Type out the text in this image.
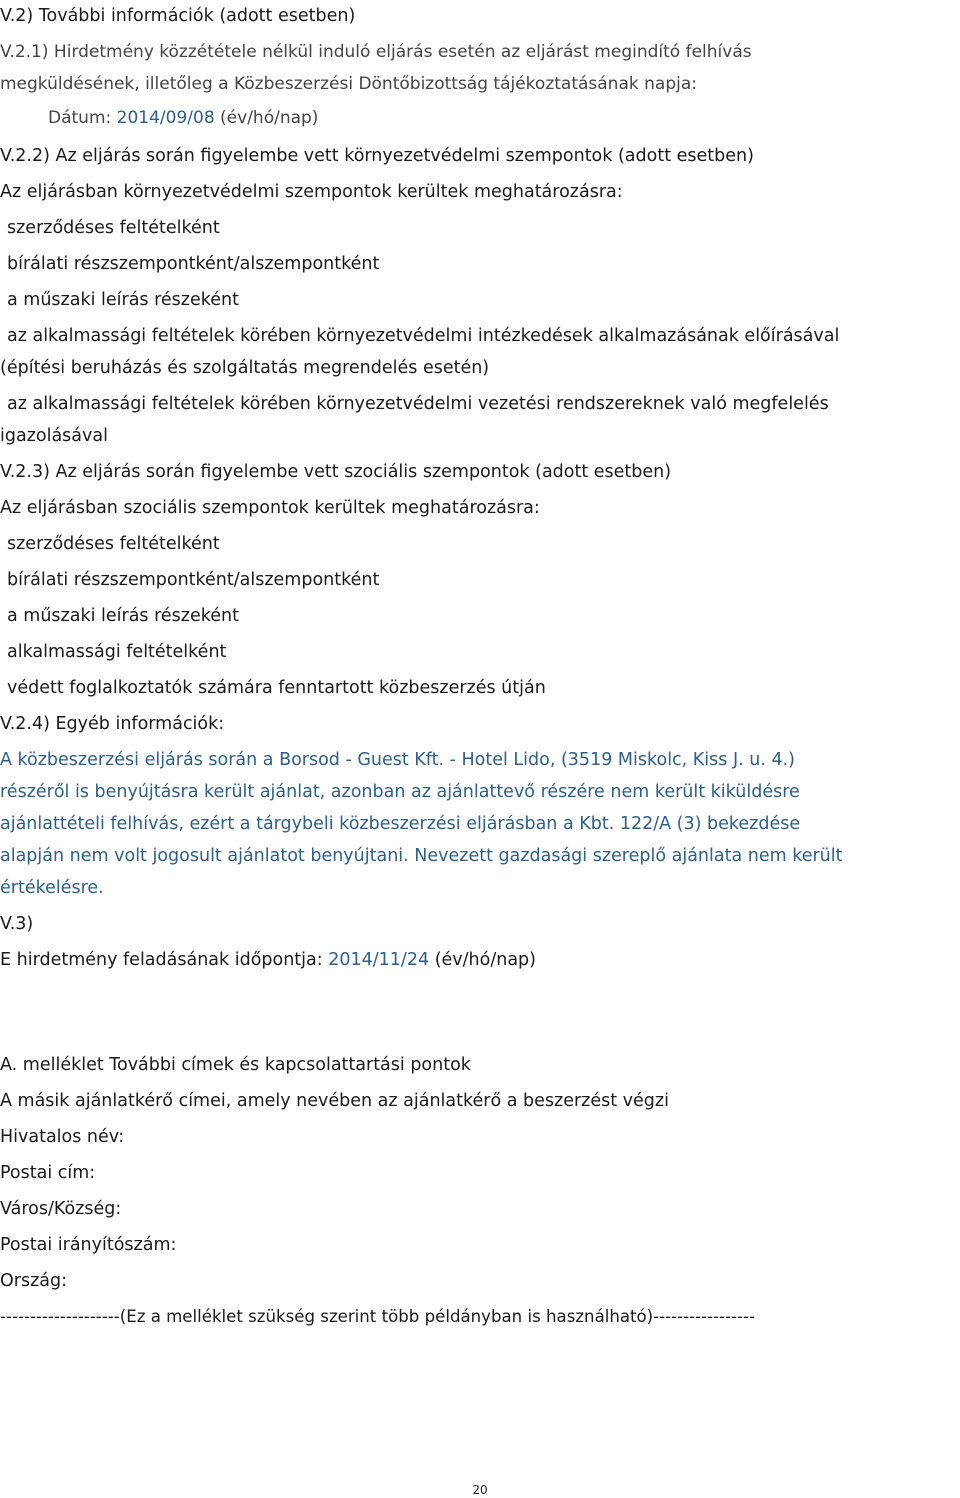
V.2) További információk (adott esetben)
V.2.1) Hirdetmény közzététele nélkül induló eljárás esetén az eljárást megindító felhívás
megküldésének, illetőleg a Közbeszerzési Döntőbizottság tájékoztatásának napja:
Dátum: 2014/09/08 (év/hó/nap)
V.2.2) Az eljárás során figyelembe vett környezetvédelmi szempontok (adott esetben)
Az eljárásban környezetvédelmi szempontok kerültek meghatározásra:
szerződéses feltételként
bírálati részszempontként/alszempontként
a műszaki leírás részeként
az alkalmassági feltételek körében környezetvédelmi intézkedések alkalmazásának előírásával
(építési beruházás és szolgáltatás megrendelés esetén)
az alkalmassági feltételek körében környezetvédelmi vezetési rendszereknek való megfelelés
igazolásával
V.2.3) Az eljárás során figyelembe vett szociális szempontok (adott esetben)
Az eljárásban szociális szempontok kerültek meghatározásra:
szerződéses feltételként
bírálati részszempontként/alszempontként
a műszaki leírás részeként
alkalmassági feltételként
védett foglalkoztatók számára fenntartott közbeszerzés útján
V.2.4) Egyéb információk:
A közbeszerzési eljárás során a Borsod - Guest Kft. - Hotel Lido, (3519 Miskolc, Kiss J. u. 4.)
részéről is benyújtásra került ajánlat, azonban az ajánlattevő részére nem került kiküldésre
ajánlattételi felhívás, ezért a tárgybeli közbeszerzési eljárásban a Kbt. 122/A (3) bekezdése
alapján nem volt jogosult ajánlatot benyújtani. Nevezett gazdasági szereplő ajánlata nem került
értékelésre.
V.3)
E hirdetmény feladásának időpontja: 2014/11/24 (év/hó/nap)
A. melléklet További címek és kapcsolattartási pontok
A másik ajánlatkérő címei, amely nevében az ajánlatkérő a beszerzést végzi
Hivatalos név:
Postai cím:
Város/Község:
Postai irányítószám:
Ország:
--------------------(Ez a melléklet szükség szerint több példányban is használható)-----------------
20
